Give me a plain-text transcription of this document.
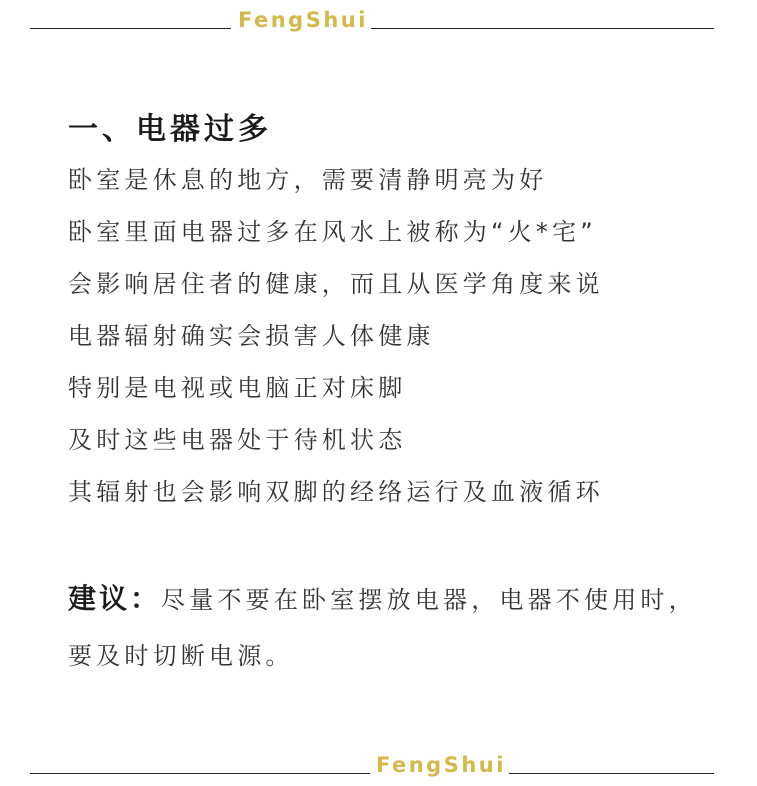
FengShui
一、电器过多
卧室是休息的地方，需要清静明亮为好
卧室里面电器过多在风水上被称为“火*宅”
会影响居住者的健康，而且从医学角度来说
电器辐射确实会损害人体健康
特别是电视或电脑正对床脚
及时这些电器处于待机状态
其辐射也会影响双脚的经络运行及血液循环

建议：尽量不要在卧室摆放电器，电器不使用时，要及时切断电源。

FengShui
